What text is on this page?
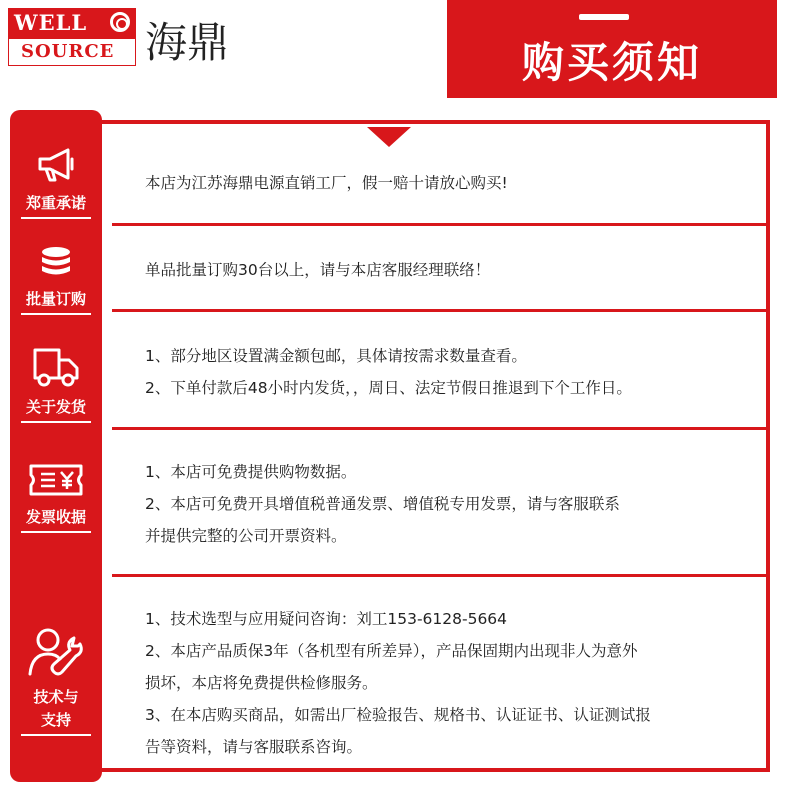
WELL
SOURCE 海鼎	购买须知
郑重承诺
批量订购
关于发货
发票收据
技术与
支持

本店为江苏海鼎电源直销工厂，假一赔十请放心购买!

单品批量订购30台以上，请与本店客服经理联络！

1、部分地区设置满金额包邮，具体请按需求数量查看。

2、下单付款后48小时内发货，，周日、法定节假日推退到下个工作日。

1、本店可免费提供购物数据。

2、本店可免费开具增值税普通发票、增值税专用发票，请与客服联系

并提供完整的公司开票资料。

1、技术选型与应用疑问咨询：刘工153-6128-5664

2、本店产品质保3年（各机型有所差异），产品保固期内出现非人为意外

损坏，本店将免费提供检修服务。

3、在本店购买商品，如需出厂检验报告、规格书、认证证书、认证测试报

告等资料，请与客服联系咨询。
